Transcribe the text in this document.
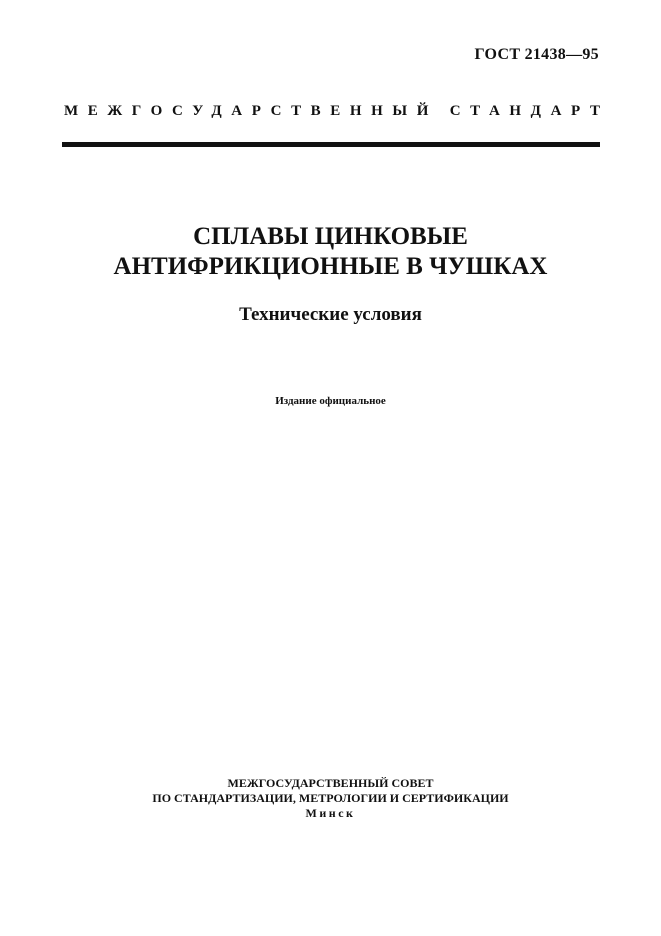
ГОСТ 21438—95
МЕЖГОСУДАРСТВЕННЫЙ СТАНДАРТ
СПЛАВЫ ЦИНКОВЫЕ
АНТИФРИКЦИОННЫЕ В ЧУШКАХ
Технические условия
Издание официальное
МЕЖГОСУДАРСТВЕННЫЙ СОВЕТ
ПО СТАНДАРТИЗАЦИИ, МЕТРОЛОГИИ И СЕРТИФИКАЦИИ
Минск
